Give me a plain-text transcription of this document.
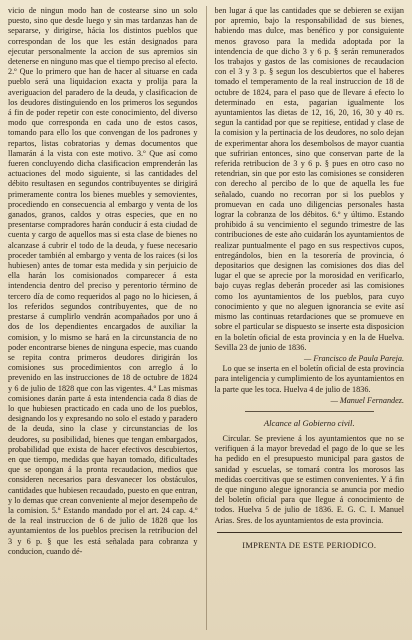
vicio de ningun modo han de costearse sino un solo puesto, sino que desde luego y sin mas tardanzas han de separarse, y dirigirse, hácia los distintos pueblos que correspondan de los que les están designados para ejecutar personalmente la accion de sus apremios sin detenerse en ninguno mas que el tiempo preciso al efecto. 2.º Que lo primero que han de hacer al situarse en cada pueblo será una liquidacion exacta y prolija para la averiguacion del paradero de la deuda, y clasificacion de los deudores distinguiendo en los primeros los segundos á fin de poder repetir con este conocimiento, del diverso modo que corresponda en cada uno de estos casos, tomando para ello los que convengan de los padrones y repartos, listas cobratorias y demas documentos que llamarán á la vista con este motivo. 3.º Que así como fueren concluyendo dicha clasificacion emprenderán las actuaciones del modo siguiente, si las cantidades del débito resultasen en segundos contribuyentes se dirigirá primeramente contra los bienes muebles y semovientes, procediendo en consecuencia al embargo y venta de los ganados, granos, caldos y otras especies, que en no presentarse compradores harán conducir á esta ciudad de cuenta y cargo de aquellos mas si esta clase de bienes no alcanzase á cubrir el todo de la deuda, y fuese necesario proceder también al embargo y venta de los raices (si los hubiesen) antes de tomar esta medida y sin perjuicio de ella harán los comisionados comparecer á esta intendencia dentro del preciso y perentorio término de tercero día de como requeridos al pago no lo hiciesen, á los referidos segundos contribuyentes, que de no prestarse á cumplirlo vendrán acompañados por uno á dos de los dependientes encargados de auxiliar la comision, y lo mismo se hará en la circunstancia de no poder encontrarse bienes de ninguna especie, mas cuando se repita contra primeros deudores dirigirán los comisiones sus procedimientos con arreglo á lo prevenido en las instrucciones de 18 de octubre de 1824 y 6 de julio de 1828 que con las vigentes. 4.º Las mismas comisiones darán parte á esta intendencia cada 8 dias de lo que hubiesen practicado en cada uno de los pueblos, designando los y expresando no solo el estado y paradero de la deuda, sino la clase y circunstancias de los deudores, su posibilidad, bienes que tengan embargados, probabilidad que exista de hacer efectivos descubiertos, en que tiempo, medidas que hayan tomado, dificultades que se opongan á la pronta recaudacion, medios que consideren necesarios para desvanecer los obstáculos, cantidades que hubiesen recaudado, puesto en que entran, y lo demas que crean conveniente al mejor desempeño de la comision. 5.º Estando mandado por el art. 24 cap. 4.º de la real instruccion de 6 de julio de 1828 que los ayuntamientos de los pueblos precisen la retribucion del 3 y 6 p. § que les está señalada para cobranza y conducion, cuando dé-

ben lugar á que las cantidades que se debieren se exijan por apremio, bajo la responsabilidad de sus bienes, habiendo mas dulce, mas benéfico y por consiguiente menos gravoso para la medida adoptada por la intendencia de que dicho 3 y 6 p. § serán remunerados los trabajos y gastos de las comisiones de recaudacion con el 3 y 3 p. § segun los descubiertos que el haberes tomado el temperamento de la real instruccion de 18 de octubre de 1824, para el paso que de llevare á efecto lo determinado en esta, pagarian igualmente los ayuntamientos las dietas de 12, 16, 20, 16, 30 y 40 rs. segun la cantidad por que se repitiese, entidad y clase de la comision y la pertinacia de los deudores, no solo dejan de experimentar ahora los desembolsos de mayor cuantia que sufririan entonces, sino que conservan parte de la referida retribucion de 3 y 6 p. § pues en otro caso no retendrian, sin que por esto las comisiones se consideren con derecho al percibo de lo que de aquella les fue señalado, cuando no recorran por si los pueblos y promuevan en cada uno diligencias personales hasta lograr la cobranza de los débitos. 6.º y último. Estando prohibido á su vencimiento el segundo trimestre de las contribuciones de este año cuidarán los ayuntamientos de realizar puntualmente el pago en sus respectivos cupos, entregándolos, bien en la tesorería de provincia, ó depositarios que designen las comisiones dos dias del lugar el que se aprecie por la morosidad en verificarlo, bajo cuyas reglas deberán proceder asi las comisiones como los ayuntamientos de los pueblos, para cuyo conocimiento y que no aleguen ignorancia se evite así mismo las continuas retardaciones que se promueve en sobre el particular se dispuesto se inserte esta disposicion en la boletín oficial de esta provincia y en la de Huelva. Sevilla 23 de junio de 1836.

— Francisco de Paula Pareja.

Lo que se inserta en el boletín oficial de esta provincia para inteligencia y cumplimiento de los ayuntamientos en la parte que les toca. Huelva 4 de julio de 1836.

— Manuel Fernandez.
Alcance al Gobierno civil.

Circular. Se previene á los ayuntamientos que no se verifiquen á la mayor brevedad el pago de lo que se les ha pedido en el presupuesto municipal para gastos de sanidad y escuelas, se tomará contra los morosos las medidas coercitivas que se estimen convenientes. Y á fin de que ninguno alegue ignorancia se anuncia por medio del boletín oficial para que llegue á conocimiento de todos. Huelva 5 de julio de 1836. E. G. C. I. Manuel Arias. Sres. de los ayuntamientos de esta provincia.

IMPRENTA DE ESTE PERIODICO.
